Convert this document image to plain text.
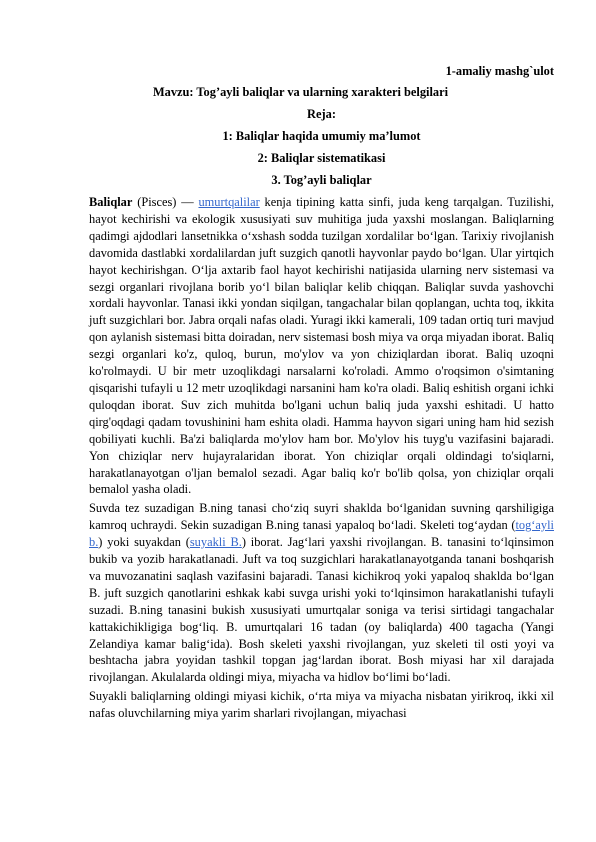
1-amaliy mashg`ulot

Mavzu: Tog’ayli baliqlar va ularning xarakteri belgilari

Reja:

1: Baliqlar haqida umumiy ma’lumot

2: Baliqlar sistematikasi

3. Tog’ayli baliqlar

Baliqlar (Pisces) — umurtqalilar kenja tipining katta sinfi, juda keng tarqalgan. Tuzilishi, hayot kechirishi va ekologik xususiyati suv muhitiga juda yaxshi moslangan. Baliqlarning qadimgi ajdodlari lansetnikka oʻxshash sodda tuzilgan xordalilar boʻlgan. Tarixiy rivojlanish davomida dastlabki xordalilardan juft suzgich qanotli hayvonlar paydo boʻlgan. Ular yirtqich hayot kechirishgan. Oʻlja axtarib faol hayot kechirishi natijasida ularning nerv sistemasi va sezgi organlari rivojlana borib yoʻl bilan baliqlar kelib chiqqan. Baliqlar suvda yashovchi xordali hayvonlar. Tanasi ikki yondan siqilgan, tangachalar bilan qoplangan, uchta toq, ikkita juft suzgichlari bor. Jabra orqali nafas oladi. Yuragi ikki kamerali, 109 tadan ortiq turi mavjud qon aylanish sistemasi bitta doiradan, nerv sistemasi bosh miya va orqa miyadan iborat. Baliq sezgi organlari ko'z, quloq, burun, mo'ylov va yon chiziqlardan iborat. Baliq uzoqni ko'rolmaydi. U bir metr uzoqlikdagi narsalarni ko'roladi. Ammo o'roqsimon o'simtaning qisqarishi tufayli u 12 metr uzoqlikdagi narsanini ham ko'ra oladi. Baliq eshitish organi ichki quloqdan iborat. Suv zich muhitda bo'lgani uchun baliq juda yaxshi eshitadi. U hatto qirg'oqdagi qadam tovushinini ham eshita oladi. Hamma hayvon sigari uning ham hid sezish qobiliyati kuchli. Ba'zi baliqlarda mo'ylov ham bor. Mo'ylov his tuyg'u vazifasini bajaradi. Yon chiziqlar nerv hujayralaridan iborat. Yon chiziqlar orqali oldindagi to'siqlarni, harakatlanayotgan o'ljan bemalol sezadi. Agar baliq ko'r bo'lib qolsa, yon chiziqlar orqali bemalol yasha oladi.

Suvda tez suzadigan B.ning tanasi choʻziq suyri shaklda boʻlganidan suvning qarshiligiga kamroq uchraydi. Sekin suzadigan B.ning tanasi yapaloq boʻladi. Skeleti togʻaydan (togʻayli b.) yoki suyakdan (suyakli B.) iborat. Jagʻlari yaxshi rivojlangan. B. tanasini toʻlqinsimon bukib va yozib harakatlanadi. Juft va toq suzgichlari harakatlanayotganda tanani boshqarish va muvozanatini saqlash vazifasini bajaradi. Tanasi kichikroq yoki yapaloq shaklda boʻlgan B. juft suzgich qanotlarini eshkak kabi suvga urishi yoki toʻlqinsimon harakatlanishi tufayli suzadi. B.ning tanasini bukish xususiyati umurtqalar soniga va terisi sirtidagi tangachalar kattakichikligiga bogʻliq. B. umurtqalari 16 tadan (oy baliqlarda) 400 tagacha (Yangi Zelandiya kamar baligʻida). Bosh skeleti yaxshi rivojlangan, yuz skeleti til osti yoyi va beshtacha jabra yoyidan tashkil topgan jagʻlardan iborat. Bosh miyasi har xil darajada rivojlangan. Akulalarda oldingi miya, miyacha va hidlov boʻlimi boʻladi.

Suyakli baliqlarning oldingi miyasi kichik, oʻrta miya va miyacha nisbatan yirikroq, ikki xil nafas oluvchilarning miya yarim sharlari rivojlangan, miyachasi
